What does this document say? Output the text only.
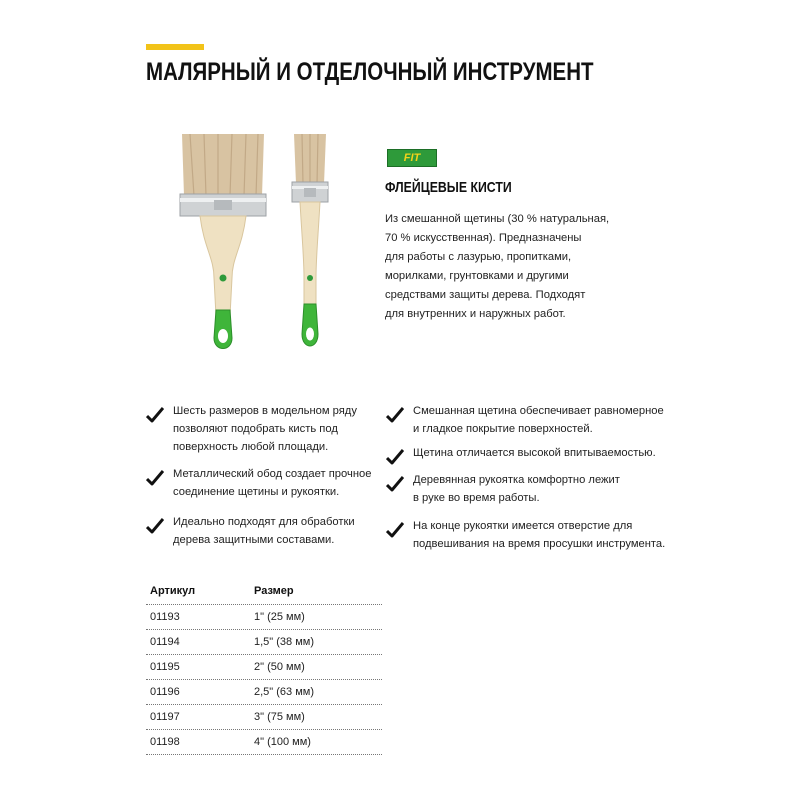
МАЛЯРНЫЙ И ОТДЕЛОЧНЫЙ ИНСТРУМЕНТ
FIT
ФЛЕЙЦЕВЫЕ КИСТИ
Из смешанной щетины (30 % натуральная,
70 % искусственная). Предназначены
для работы с лазурью, пропитками,
морилками, грунтовками и другими
средствами защиты дерева. Подходят
для внутренних и наружных работ.
Шесть размеров в модельном ряду
позволяют подобрать кисть под
поверхность любой площади.
Металлический обод создает прочное
соединение щетины и рукоятки.
Идеально подходят для обработки
дерева защитными составами.
Смешанная щетина обеспечивает равномерное
и гладкое покрытие поверхностей.
Щетина отличается высокой впитываемостью.
Деревянная рукоятка комфортно лежит
в руке во время работы.
На конце рукоятки имеется отверстие для
подвешивания на время просушки инструмента.
Артикул	Размер
01193	1" (25 мм)
01194	1,5" (38 мм)
01195	2" (50 мм)
01196	2,5" (63 мм)
01197	3" (75 мм)
01198	4" (100 мм)
